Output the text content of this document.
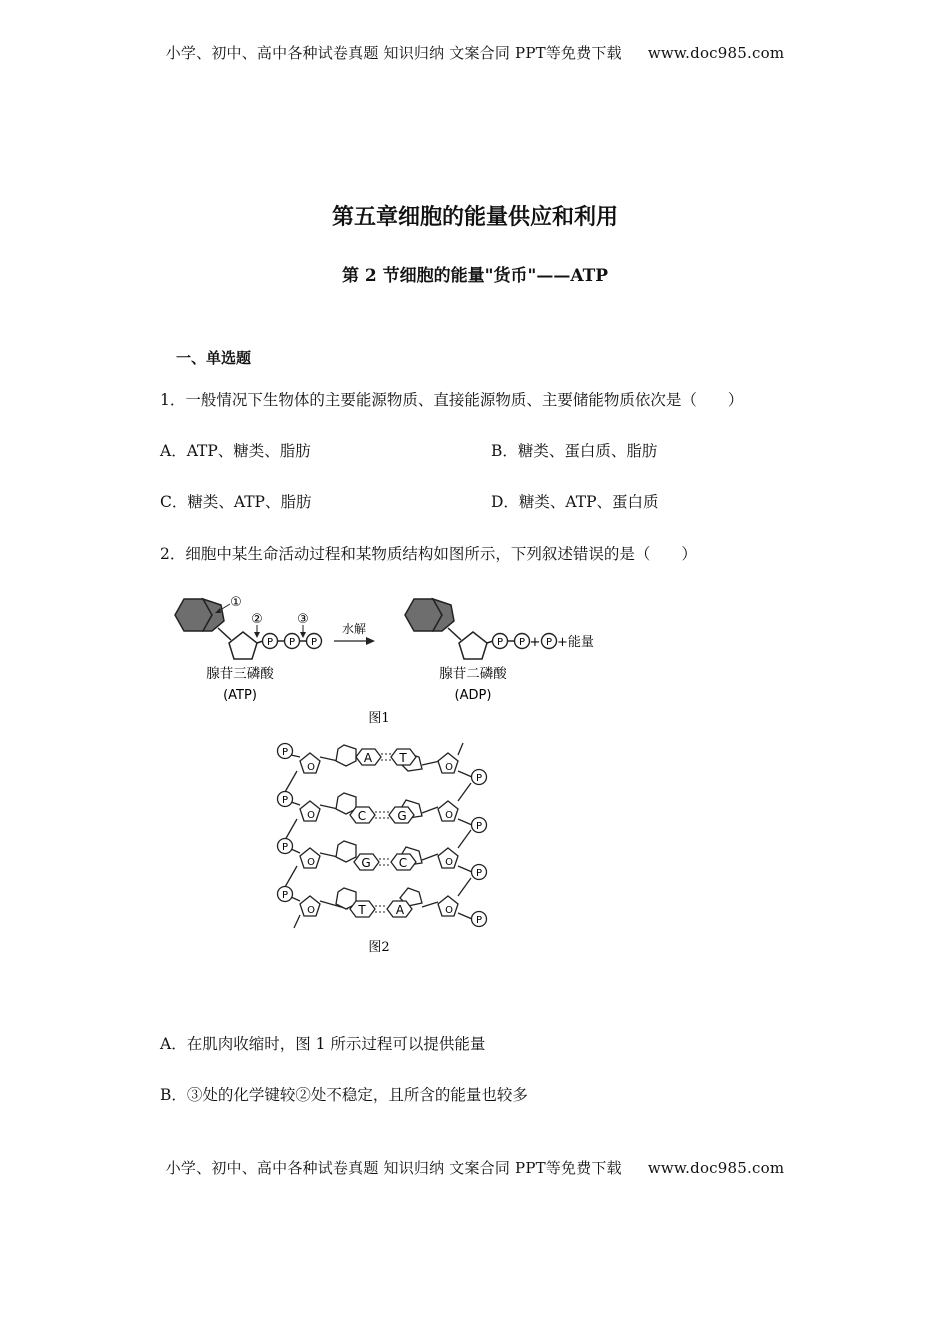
小学、初中、高中各种试卷真题 知识归纳 文案合同 PPT等免费下载 www.doc985.com
小学、初中、高中各种试卷真题 知识归纳 文案合同 PPT等免费下载 www.doc985.com
第五章细胞的能量供应和利用
第 2 节细胞的能量"货币"——ATP
一、单选题
1．一般情况下生物体的主要能源物质、直接能源物质、主要储能物质依次是（　　）
A．ATP、糖类、脂肪	B．糖类、蛋白质、脂肪
C．糖类、ATP、脂肪	D．糖类、ATP、蛋白质
2．细胞中某生命活动过程和某物质结构如图所示，下列叙述错误的是（　　）
P P P
①
②	③
水解
P P + P +能量
腺苷三磷酸
(ATP)
腺苷二磷酸
(ADP)
图1
P
P
P
P
P
P
P
P
O
O
O
O
O
O
O
O
A T
C	G
G C
T	A
图2
A．在肌肉收缩时，图 1 所示过程可以提供能量
B．③处的化学键较②处不稳定，且所含的能量也较多
